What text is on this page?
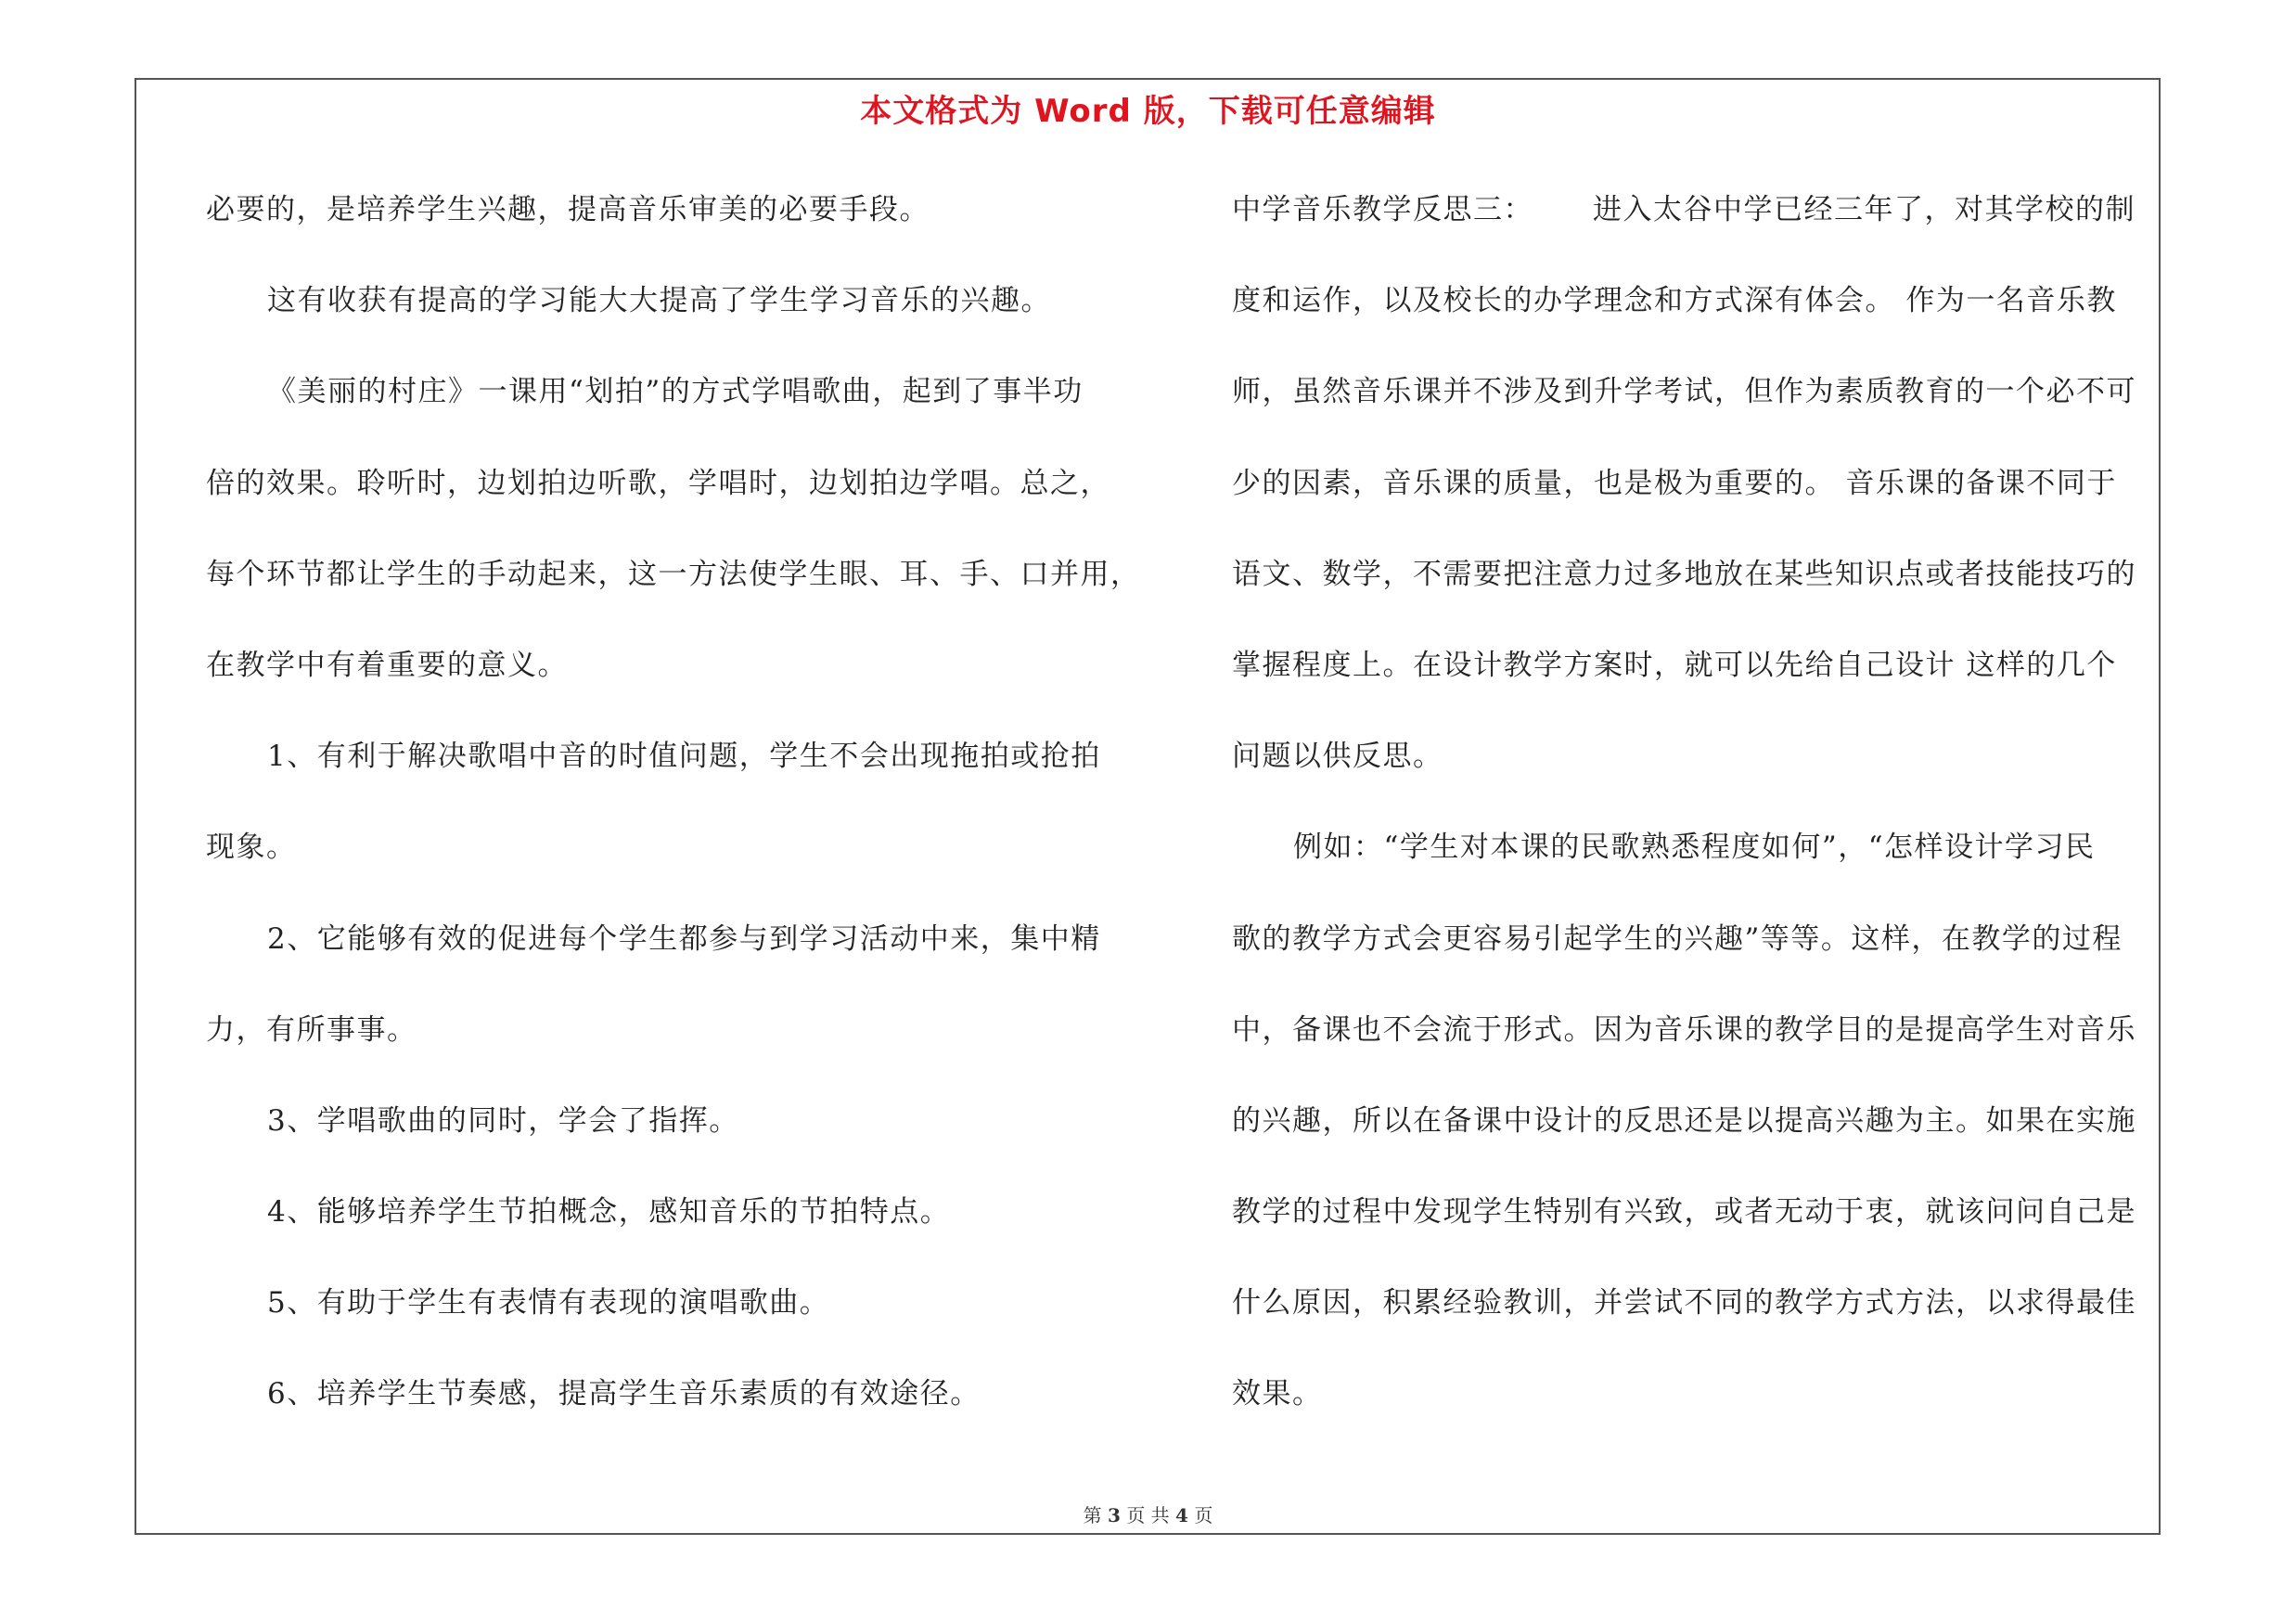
本文格式为 Word 版，下载可任意编辑
必要的，是培养学生兴趣，提高音乐审美的必要手段。
这有收获有提高的学习能大大提高了学生学习音乐的兴趣。
《美丽的村庄》一课用“划拍”的方式学唱歌曲，起到了事半功
倍的效果。聆听时，边划拍边听歌，学唱时，边划拍边学唱。总之，
每个环节都让学生的手动起来，这一方法使学生眼、耳、手、口并用，
在教学中有着重要的意义。
1、有利于解决歌唱中音的时值问题，学生不会出现拖拍或抢拍
现象。
2、它能够有效的促进每个学生都参与到学习活动中来，集中精
力，有所事事。
3、学唱歌曲的同时，学会了指挥。
4、能够培养学生节拍概念，感知音乐的节拍特点。
5、有助于学生有表情有表现的演唱歌曲。
6、培养学生节奏感，提高学生音乐素质的有效途径。
中学音乐教学反思三： 进入太谷中学已经三年了，对其学校的制
度和运作，以及校长的办学理念和方式深有体会。 作为一名音乐教
师，虽然音乐课并不涉及到升学考试，但作为素质教育的一个必不可
少的因素，音乐课的质量，也是极为重要的。 音乐课的备课不同于
语文、数学，不需要把注意力过多地放在某些知识点或者技能技巧的
掌握程度上。在设计教学方案时，就可以先给自己设计 这样的几个
问题以供反思。
例如：“学生对本课的民歌熟悉程度如何”，“怎样设计学习民
歌的教学方式会更容易引起学生的兴趣”等等。这样，在教学的过程
中，备课也不会流于形式。因为音乐课的教学目的是提高学生对音乐
的兴趣，所以在备课中设计的反思还是以提高兴趣为主。如果在实施
教学的过程中发现学生特别有兴致，或者无动于衷，就该问问自己是
什么原因，积累经验教训，并尝试不同的教学方式方法，以求得最佳
效果。
第 3 页 共 4 页
